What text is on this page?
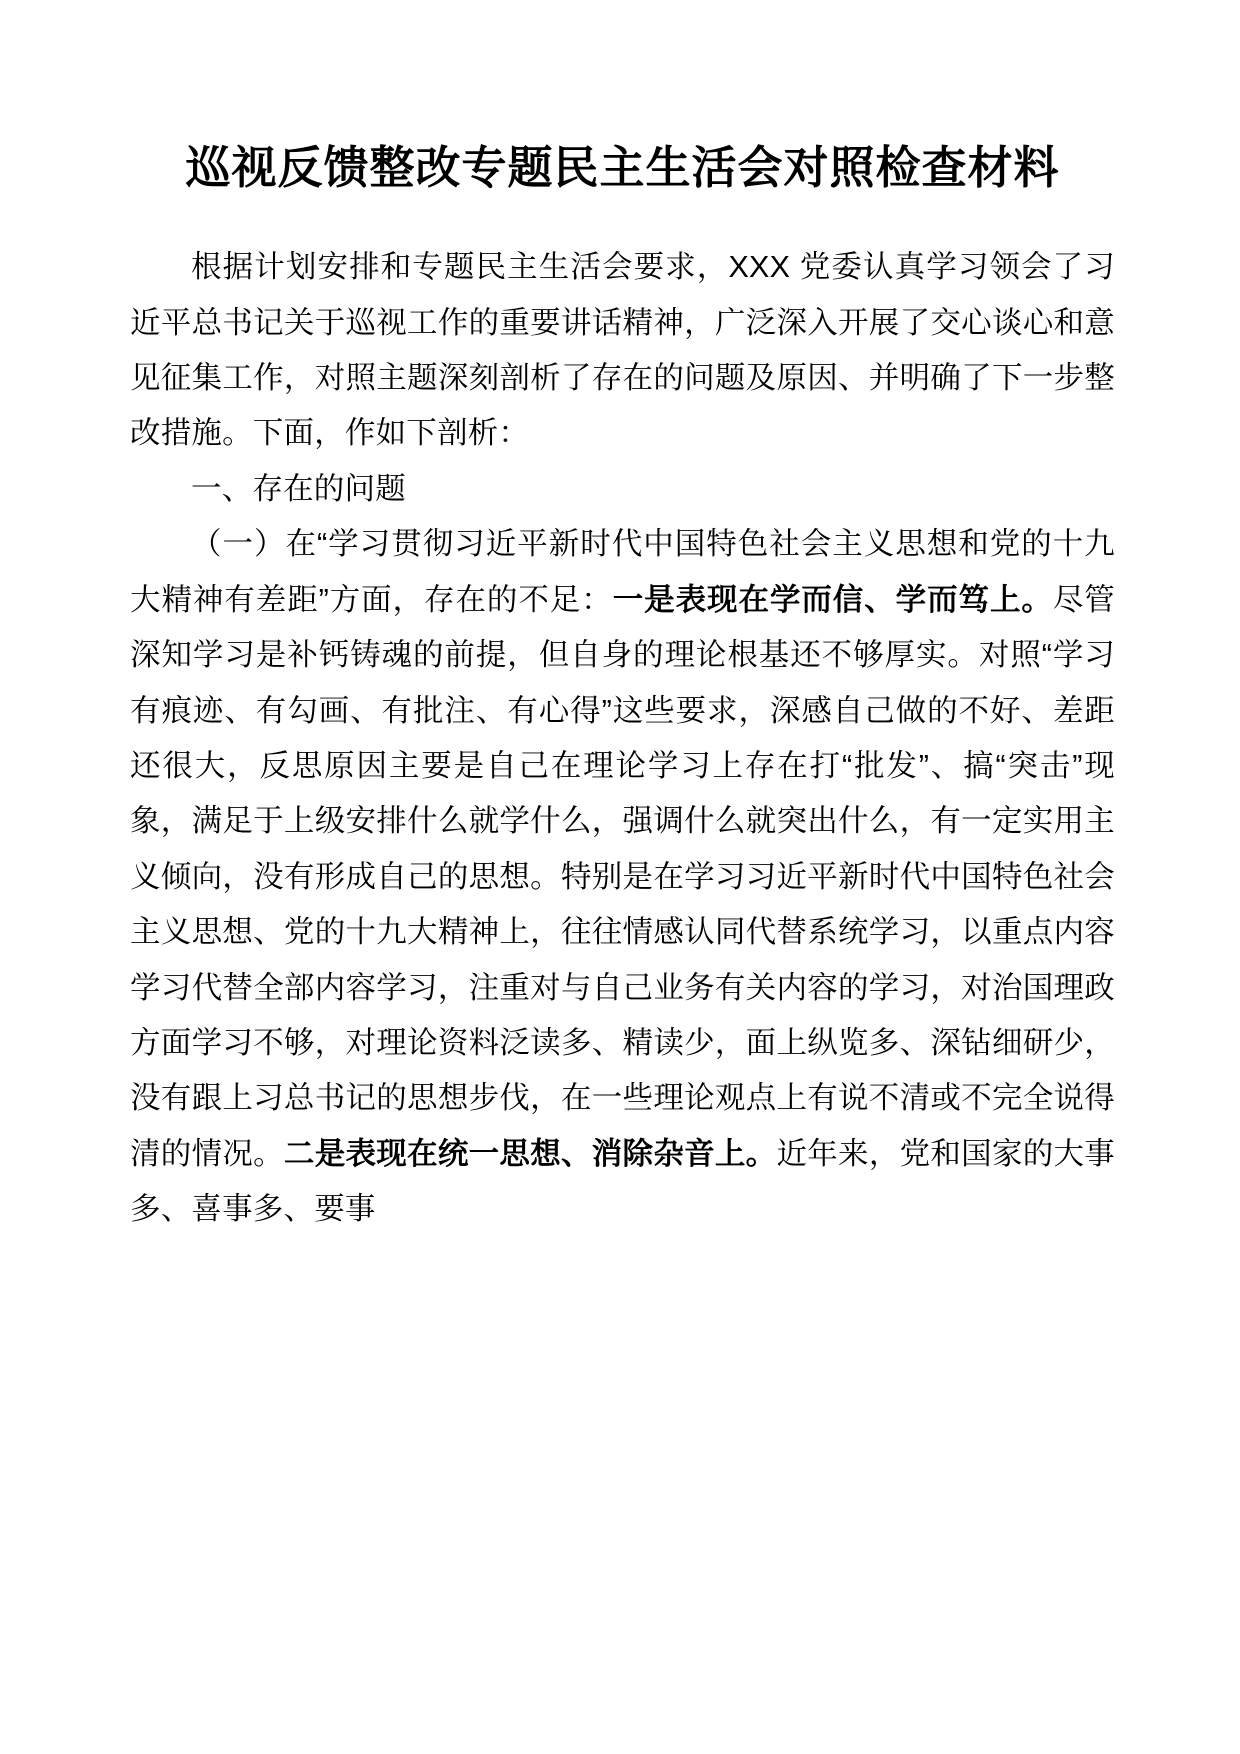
巡视反馈整改专题民主生活会对照检查材料

根据计划安排和专题民主生活会要求，XXX 党委认真学习领会了习近平总书记关于巡视工作的重要讲话精神，广泛深入开展了交心谈心和意见征集工作，对照主题深刻剖析了存在的问题及原因、并明确了下一步整改措施。下面，作如下剖析：

一、存在的问题

（一）在“学习贯彻习近平新时代中国特色社会主义思想和党的十九大精神有差距”方面，存在的不足：一是表现在学而信、学而笃上。尽管深知学习是补钙铸魂的前提，但自身的理论根基还不够厚实。对照“学习有痕迹、有勾画、有批注、有心得”这些要求，深感自己做的不好、差距还很大，反思原因主要是自己在理论学习上存在打“批发”、搞“突击”现象，满足于上级安排什么就学什么，强调什么就突出什么，有一定实用主义倾向，没有形成自己的思想。特别是在学习习近平新时代中国特色社会主义思想、党的十九大精神上，往往情感认同代替系统学习，以重点内容学习代替全部内容学习，注重对与自己业务有关内容的学习，对治国理政方面学习不够，对理论资料泛读多、精读少，面上纵览多、深钻细研少，没有跟上习总书记的思想步伐，在一些理论观点上有说不清或不完全说得清的情况。二是表现在统一思想、消除杂音上。近年来，党和国家的大事多、喜事多、要事
